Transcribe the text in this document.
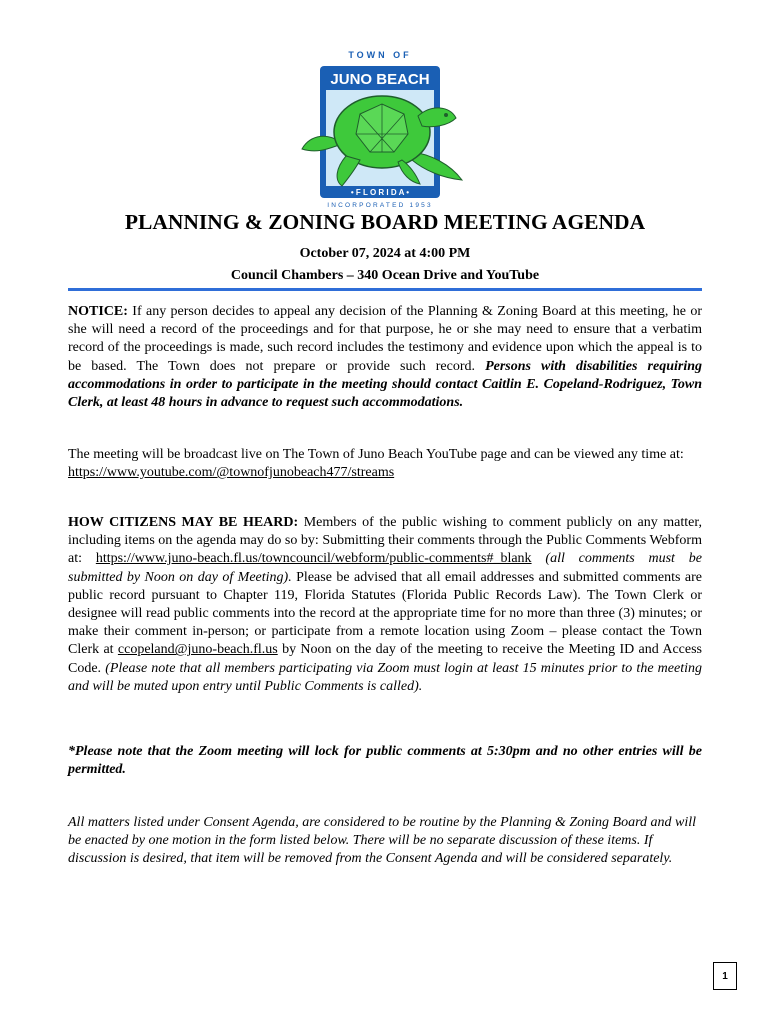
TOWN OF
JUNO BEACH
• F L O R I D A •
INCORPORATED 1953
PLANNING & ZONING BOARD MEETING AGENDA
October 07, 2024 at 4:00 PM
Council Chambers – 340 Ocean Drive and YouTube
NOTICE: If any person decides to appeal any decision of the Planning & Zoning Board at this meeting, he or she will need a record of the proceedings and for that purpose, he or she may need to ensure that a verbatim record of the proceedings is made, such record includes the testimony and evidence upon which the appeal is to be based. The Town does not prepare or provide such record. Persons with disabilities requiring accommodations in order to participate in the meeting should contact Caitlin E. Copeland-Rodriguez, Town Clerk, at least 48 hours in advance to request such accommodations.
The meeting will be broadcast live on The Town of Juno Beach YouTube page and can be viewed any time at: https://www.youtube.com/@townofjunobeach477/streams
HOW CITIZENS MAY BE HEARD: Members of the public wishing to comment publicly on any matter, including items on the agenda may do so by: Submitting their comments through the Public Comments Webform at: https://www.juno-beach.fl.us/towncouncil/webform/public-comments#_blank (all comments must be submitted by Noon on day of Meeting). Please be advised that all email addresses and submitted comments are public record pursuant to Chapter 119, Florida Statutes (Florida Public Records Law). The Town Clerk or designee will read public comments into the record at the appropriate time for no more than three (3) minutes; or make their comment in-person; or participate from a remote location using Zoom – please contact the Town Clerk at ccopeland@juno-beach.fl.us by Noon on the day of the meeting to receive the Meeting ID and Access Code. (Please note that all members participating via Zoom must login at least 15 minutes prior to the meeting and will be muted upon entry until Public Comments is called).
*Please note that the Zoom meeting will lock for public comments at 5:30pm and no other entries will be permitted.
All matters listed under Consent Agenda, are considered to be routine by the Planning & Zoning Board and will be enacted by one motion in the form listed below. There will be no separate discussion of these items. If discussion is desired, that item will be removed from the Consent Agenda and will be considered separately.
1
